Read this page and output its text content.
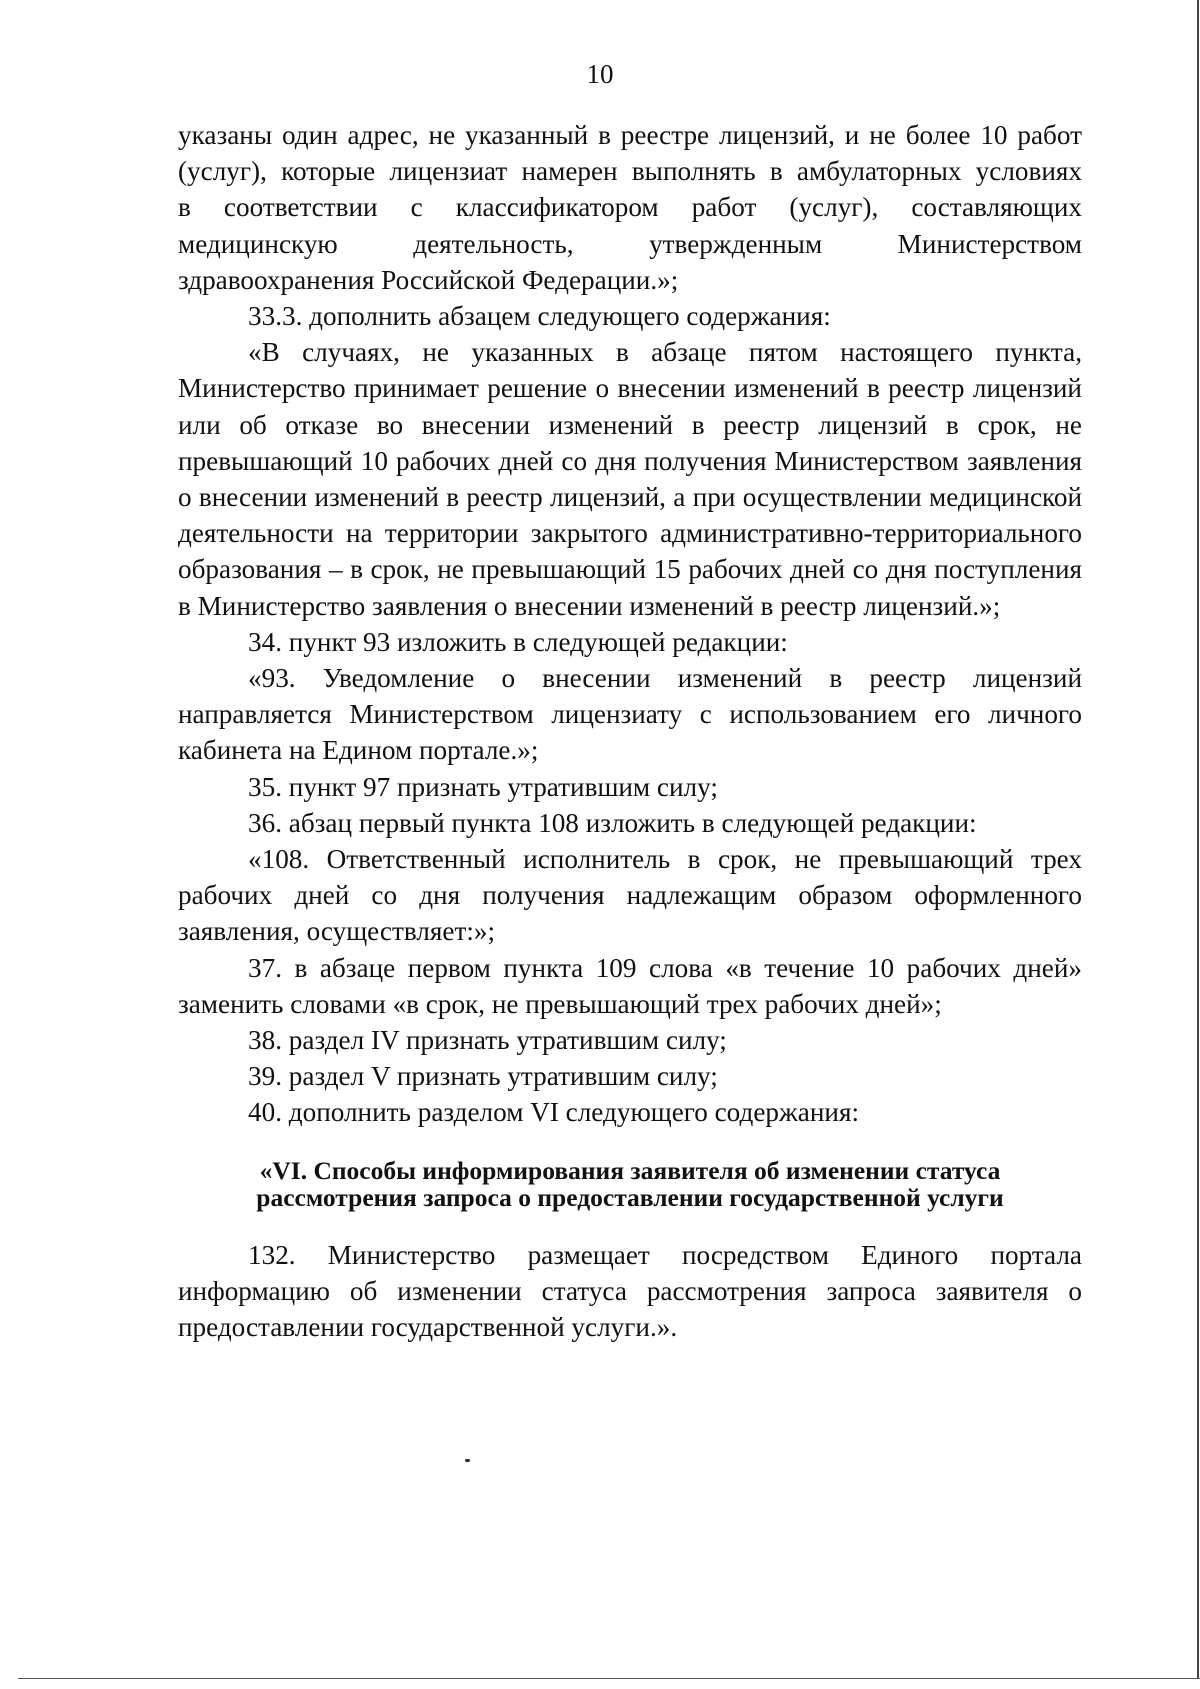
10

указаны один адрес, не указанный в реестре лицензий, и не более 10 работ

(услуг), которые лицензиат намерен выполнять в амбулаторных условиях

в соответствии с классификатором работ (услуг), составляющих

медицинскую деятельность, утвержденным Министерством

здравоохранения Российской Федерации.»;

33.3. дополнить абзацем следующего содержания:

«В случаях, не указанных в абзаце пятом настоящего пункта, Министерство принимает решение о внесении изменений в реестр лицензий или об отказе во внесении изменений в реестр лицензий в срок, не превышающий 10 рабочих дней со дня получения Министерством заявления о внесении изменений в реестр лицензий, а при осуществлении медицинской деятельности на территории закрытого административно-территориального образования – в срок, не превышающий 15 рабочих дней со дня поступления в Министерство заявления о внесении изменений в реестр лицензий.»;

34. пункт 93 изложить в следующей редакции:

«93. Уведомление о внесении изменений в реестр лицензий направляется Министерством лицензиату с использованием его личного кабинета на Едином портале.»;

35. пункт 97 признать утратившим силу;

36. абзац первый пункта 108 изложить в следующей редакции:

«108. Ответственный исполнитель в срок, не превышающий трех рабочих дней со дня получения надлежащим образом оформленного заявления, осуществляет:»;

37. в абзаце первом пункта 109 слова «в течение 10 рабочих дней» заменить словами «в срок, не превышающий трех рабочих дней»;

38. раздел IV признать утратившим силу;

39. раздел V признать утратившим силу;

40. дополнить разделом VI следующего содержания:

«VI. Способы информирования заявителя об изменении статуса
рассмотрения запроса о предоставлении государственной услуги

132. Министерство размещает посредством Единого портала информацию об изменении статуса рассмотрения запроса заявителя о предоставлении государственной услуги.».
